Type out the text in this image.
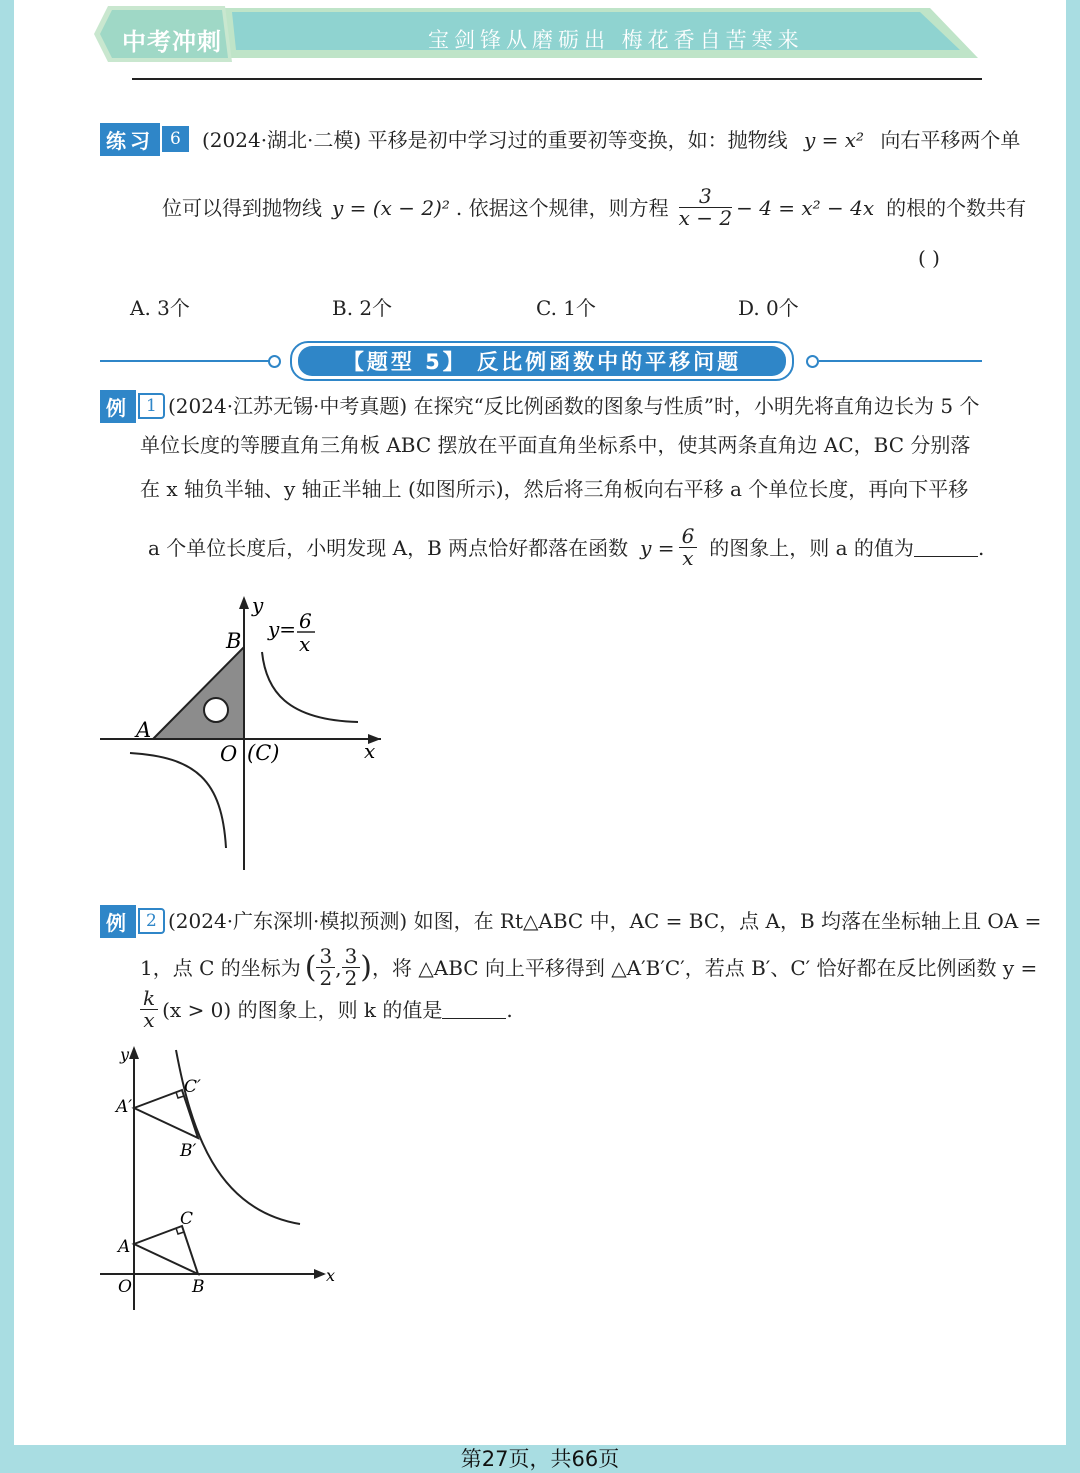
中考冲刺	宝剑锋从磨砺出 梅花香自苦寒来
练习 6	(2024·湖北·二模) 平移是初中学习过的重要初等变换，如：抛物线 y = x² 向右平移两个单
位可以得到抛物线 y = (x − 2)² . 依据这个规律，则方程 $\frac{3}{x - 2} - 4 = x^2 - 4x$ 的根的个数共有
( )
A. 3个	B. 2个	C. 1个	D. 0个
【题型 5】 反比例函数中的平移问题
例 1 (2024·江苏无锡·中考真题) 在探究“反比例函数的图象与性质”时，小明先将直角边长为 5 个
单位长度的等腰直角三角板 ABC 摆放在平面直角坐标系中，使其两条直角边 AC，BC 分别落
在 x 轴负半轴、y 轴正半轴上 (如图所示)，然后将三角板向右平移 a 个单位长度，再向下平移
a 个单位长度后，小明发现 A，B 两点恰好都落在函数 $y = \frac{6}{x}$ 的图象上，则 a 的值为	.
y
x
O (C)
A
B y= 6
x
例 2 (2024·广东深圳·模拟预测) 如图，在 Rt△ABC 中，AC = BC，点 A，B 均落在坐标轴上且 OA =
1，点 C 的坐标为 ( $\frac{3}{2}$ , $\frac{3}{2}$ ) ，将 △ABC 向上平移得到 △A′B′C′，若点 B′、C′ 恰好都在反比例函数 y =
$\frac{k}{x} (x > 0)$ 的图象上，则 k 的值是	.
y
x
O	B
A
C
A′
B′
C′
第27页，共66页
